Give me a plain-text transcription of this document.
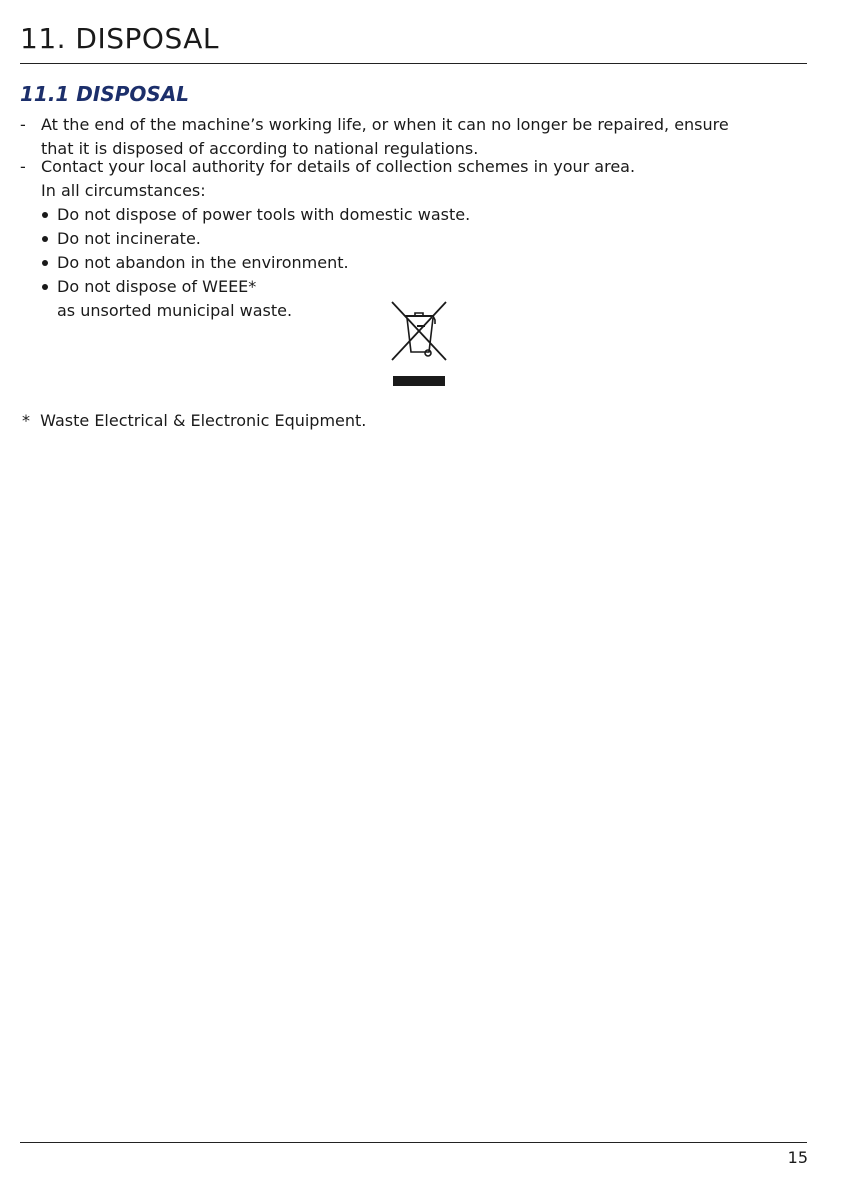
11. DISPOSAL
11.1 DISPOSAL
- At the end of the machine’s working life, or when it can no longer be repaired, ensure
that it is disposed of according to national regulations.
- Contact your local authority for details of collection schemes in your area.
In all circumstances:
Do not dispose of power tools with domestic waste.
Do not incinerate.
Do not abandon in the environment.
Do not dispose of WEEE*
as unsorted municipal waste.
* Waste Electrical & Electronic Equipment.
15
